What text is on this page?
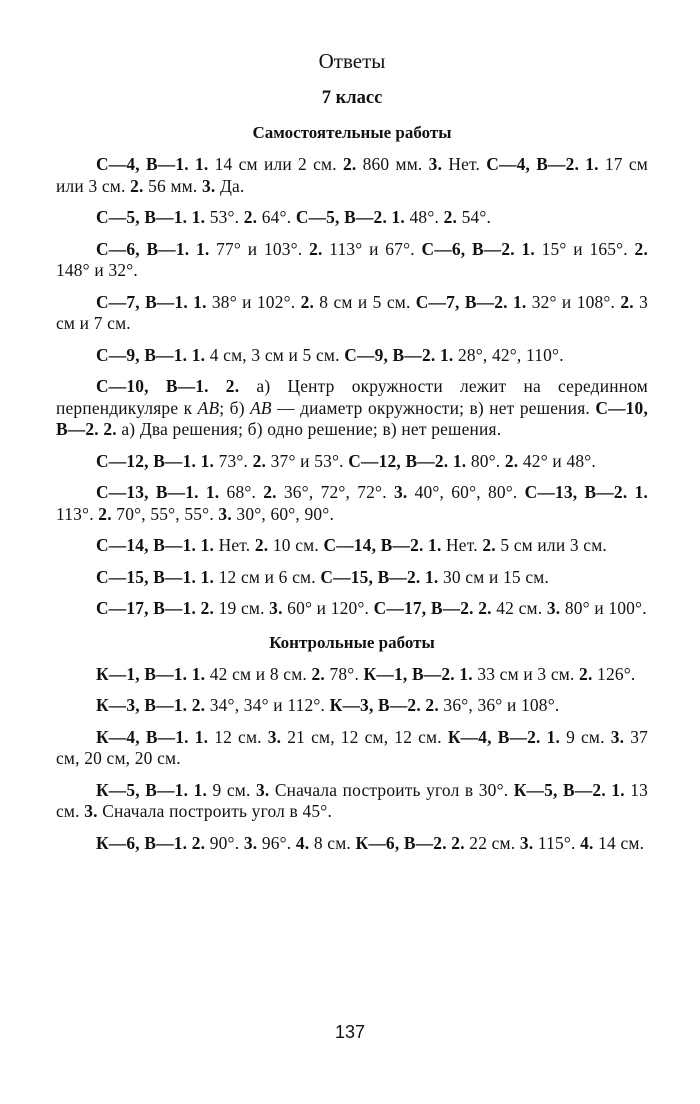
Ответы
7 класс
Самостоятельные работы

С—4, В—1. 1. 14 см или 2 см. 2. 860 мм. 3. Нет. С—4, В—2. 1. 17 см или 3 см. 2. 56 мм. 3. Да.

С—5, В—1. 1. 53°. 2. 64°. С—5, В—2. 1. 48°. 2. 54°.

С—6, В—1. 1. 77° и 103°. 2. 113° и 67°. С—6, В—2. 1. 15° и 165°. 2. 148° и 32°.

С—7, В—1. 1. 38° и 102°. 2. 8 см и 5 см. С—7, В—2. 1. 32° и 108°. 2. 3 см и 7 см.

С—9, В—1. 1. 4 см, 3 см и 5 см. С—9, В—2. 1. 28°, 42°, 110°.

С—10, В—1. 2. а) Центр окружности лежит на серединном перпендикуляре к AB; б) AB — диаметр окружности; в) нет решения. С—10, В—2. 2. а) Два решения; б) одно решение; в) нет решения.

С—12, В—1. 1. 73°. 2. 37° и 53°. С—12, В—2. 1. 80°. 2. 42° и 48°.

С—13, В—1. 1. 68°. 2. 36°, 72°, 72°. 3. 40°, 60°, 80°. С—13, В—2. 1. 113°. 2. 70°, 55°, 55°. 3. 30°, 60°, 90°.

С—14, В—1. 1. Нет. 2. 10 см. С—14, В—2. 1. Нет. 2. 5 см или 3 см.

С—15, В—1. 1. 12 см и 6 см. С—15, В—2. 1. 30 см и 15 см.

С—17, В—1. 2. 19 см. 3. 60° и 120°. С—17, В—2. 2. 42 см. 3. 80° и 100°.

Контрольные работы

К—1, В—1. 1. 42 см и 8 см. 2. 78°. К—1, В—2. 1. 33 см и 3 см. 2. 126°.

К—3, В—1. 2. 34°, 34° и 112°. К—3, В—2. 2. 36°, 36° и 108°.

К—4, В—1. 1. 12 см. 3. 21 см, 12 см, 12 см. К—4, В—2. 1. 9 см. 3. 37 см, 20 см, 20 см.

К—5, В—1. 1. 9 см. 3. Сначала построить угол в 30°. К—5, В—2. 1. 13 см. 3. Сначала построить угол в 45°.

К—6, В—1. 2. 90°. 3. 96°. 4. 8 см. К—6, В—2. 2. 22 см. 3. 115°. 4. 14 см.

137
